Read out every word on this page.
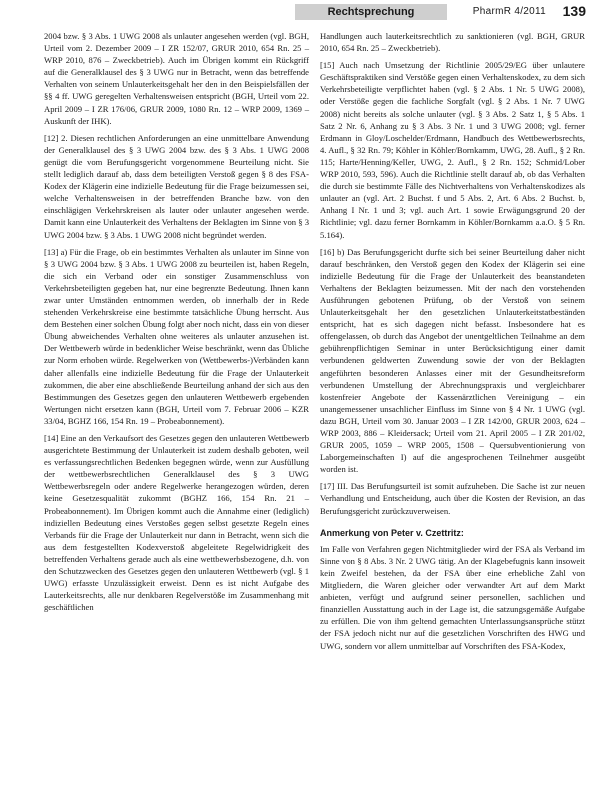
Rechtsprechung	PharmR 4/2011 139

2004 bzw. § 3 Abs. 1 UWG 2008 als unlauter angesehen werden (vgl. BGH, Urteil vom 2. Dezember 2009 – I ZR 152/07, GRUR 2010, 654 Rn. 25 – WRP 2010, 876 – Zweckbetrieb). Auch im Übrigen kommt ein Rückgriff auf die Generalklausel des § 3 UWG nur in Betracht, wenn das betreffende Verhalten von seinem Unlauterkeitsgehalt her den in den Beispielsfällen der §§ 4 ff. UWG geregelten Verhaltensweisen entspricht (BGH, Urteil vom 22. April 2009 – I ZR 176/06, GRUR 2009, 1080 Rn. 12 – WRP 2009, 1369 – Auskunft der IHK).

[12] 2. Diesen rechtlichen Anforderungen an eine unmittelbare Anwendung der Generalklausel des § 3 UWG 2004 bzw. des § 3 Abs. 1 UWG 2008 genügt die vom Berufungsgericht vorgenommene Beurteilung nicht. Sie stellt lediglich darauf ab, dass dem beteiligten Verstoß gegen § 8 des FSA-Kodex der Klägerin eine indizielle Bedeutung für die Frage beizumessen sei, welche Verhaltensweisen in der betreffenden Branche bzw. von den einschlägigen Verkehrskreisen als lauter oder unlauter angesehen werde. Damit kann eine Unlauterkeit des Verhaltens der Beklagten im Sinne von § 3 UWG 2004 bzw. § 3 Abs. 1 UWG 2008 nicht begründet werden.

[13] a) Für die Frage, ob ein bestimmtes Verhalten als unlauter im Sinne von § 3 UWG 2004 bzw. § 3 Abs. 1 UWG 2008 zu beurteilen ist, haben Regeln, die sich ein Verband oder ein sonstiger Zusammenschluss von Verkehrsbeteiligten gegeben hat, nur eine begrenzte Bedeutung. Ihnen kann zwar unter Umständen entnommen werden, ob innerhalb der in Rede stehenden Verkehrskreise eine bestimmte tatsächliche Übung herrscht. Aus dem Bestehen einer solchen Übung folgt aber noch nicht, dass ein von dieser Übung abweichendes Verhalten ohne weiteres als unlauter anzusehen ist. Der Wettbewerb würde in bedenklicher Weise beschränkt, wenn das Übliche zur Norm erhoben würde. Regelwerken von (Wettbewerbs-)Verbänden kann daher allenfalls eine indizielle Bedeutung für die Frage der Unlauterkeit zukommen, die aber eine abschließende Beurteilung anhand der sich aus den Bestimmungen des Gesetzes gegen den unlauteren Wettbewerb ergebenden Wertungen nicht ersetzen kann (BGH, Urteil vom 7. Februar 2006 – KZR 33/04, BGHZ 166, 154 Rn. 19 – Probeabonnement).

[14] Eine an den Verkaufsort des Gesetzes gegen den unlauteren Wettbewerb ausgerichtete Bestimmung der Unlauterkeit ist zudem deshalb geboten, weil es verfassungsrechtlichen Bedenken begegnen würde, wenn zur Ausfüllung der wettbewerbsrechtlichen Generalklausel des § 3 UWG Wettbewerbsregeln oder andere Regelwerke herangezogen würden, deren keine Gesetzesqualität zukommt (BGHZ 166, 154 Rn. 21 – Probeabonnement). Im Übrigen kommt auch die Annahme einer (lediglich) indiziellen Bedeutung eines Verstoßes gegen selbst gesetzte Regeln eines Verbands für die Frage der Unlauterkeit nur dann in Betracht, wenn sich die aus dem festgestellten Kodexverstoß abgeleitete Regelwidrigkeit des betreffenden Verhaltens gerade auch als eine wettbewerbsbezogene, d.h. von den Schutzzwecken des Gesetzes gegen den unlauteren Wettbewerb (vgl. § 1 UWG) erfasste Unzulässigkeit erweist. Denn es ist nicht Aufgabe des Lauterkeitsrechts, alle nur denkbaren Regelverstöße im Zusammenhang mit geschäftlichen

Handlungen auch lauterkeitsrechtlich zu sanktionieren (vgl. BGH, GRUR 2010, 654 Rn. 25 – Zweckbetrieb).

[15] Auch nach Umsetzung der Richtlinie 2005/29/EG über unlautere Geschäftspraktiken sind Verstöße gegen einen Verhaltenskodex, zu dem sich Verkehrsbeteiligte verpflichtet haben (vgl. § 2 Abs. 1 Nr. 5 UWG 2008), oder Verstöße gegen die fachliche Sorgfalt (vgl. § 2 Abs. 1 Nr. 7 UWG 2008) nicht bereits als solche unlauter (vgl. § 3 Abs. 2 Satz 1, § 5 Abs. 1 Satz 2 Nr. 6, Anhang zu § 3 Abs. 3 Nr. 1 und 3 UWG 2008; vgl. ferner Erdmann in Gloy/Loschelder/Erdmann, Handbuch des Wettbewerbsrechts, 4. Aufl., § 32 Rn. 79; Köhler in Köhler/Bornkamm, UWG, 28. Aufl., § 2 Rn. 115; Harte/Henning/Keller, UWG, 2. Aufl., § 2 Rn. 152; Schmid/Lober WRP 2010, 593, 596). Auch die Richtlinie stellt darauf ab, ob das Verhalten die durch sie bestimmte Fälle des Nichtverhaltens von Verhaltenskodizes als unlauter an (vgl. Art. 2 Buchst. f und 5 Abs. 2, Art. 6 Abs. 2 Buchst. b, Anhang I Nr. 1 und 3; vgl. auch Art. 1 sowie Erwägungsgrund 20 der Richtlinie; vgl. dazu ferner Bornkamm in Köhler/Bornkamm a.a.O. § 5 Rn. 5.164).

[16] b) Das Berufungsgericht durfte sich bei seiner Beurteilung daher nicht darauf beschränken, den Verstoß gegen den Kodex der Klägerin sei eine indizielle Bedeutung für die Frage der Unlauterkeit des beanstandeten Verhaltens der Beklagten beizumessen. Mit der nach den vorstehenden Ausführungen gebotenen Prüfung, ob der Verstoß von seinem Unlauterkeitsgehalt her den gesetzlichen Unlauterkeitstatbeständen entspricht, hat es sich dagegen nicht befasst. Insbesondere hat es offengelassen, ob durch das Angebot der unentgeltlichen Teilnahme an dem gebührenpflichtigen Seminar in unter Berücksichtigung einer damit verbundenen geldwerten Zuwendung sowie der von der Beklagten angeführten besonderen Anlasses einer mit der Gesundheitsreform verbundenen Umstellung der Abrechnungspraxis und vergleichbarer kostenfreier Angebote der Kassenärztlichen Vereinigung – ein unangemessener unsachlicher Einfluss im Sinne von § 4 Nr. 1 UWG (vgl. dazu BGH, Urteil vom 30. Januar 2003 – I ZR 142/00, GRUR 2003, 624 – WRP 2003, 886 – Kleidersack; Urteil vom 21. April 2005 – I ZR 201/02, GRUR 2005, 1059 – WRP 2005, 1508 – Quersubventionierung von Laborgemeinschaften I) auf die angesprochenen Teilnehmer ausgeübt worden ist.

[17] III. Das Berufungsurteil ist somit aufzuheben. Die Sache ist zur neuen Verhandlung und Entscheidung, auch über die Kosten der Revision, an das Berufungsgericht zurückzuverweisen.

Anmerkung von Peter v. Czettritz:

Im Falle von Verfahren gegen Nichtmitglieder wird der FSA als Verband im Sinne von § 8 Abs. 3 Nr. 2 UWG tätig. An der Klagebefugnis kann insoweit kein Zweifel bestehen, da der FSA über eine erhebliche Zahl von Mitgliedern, die Waren gleicher oder verwandter Art auf dem Markt anbieten, verfügt und aufgrund seiner personellen, sachlichen und finanziellen Ausstattung auch in der Lage ist, die satzungsgemäße Aufgabe zu erfüllen. Die von ihm geltend gemachten Unterlassungsansprüche stützt der FSA jedoch nicht nur auf die gesetzlichen Vorschriften des HWG und UWG, sondern vor allem unmittelbar auf Vorschriften des FSA-Kodex,
